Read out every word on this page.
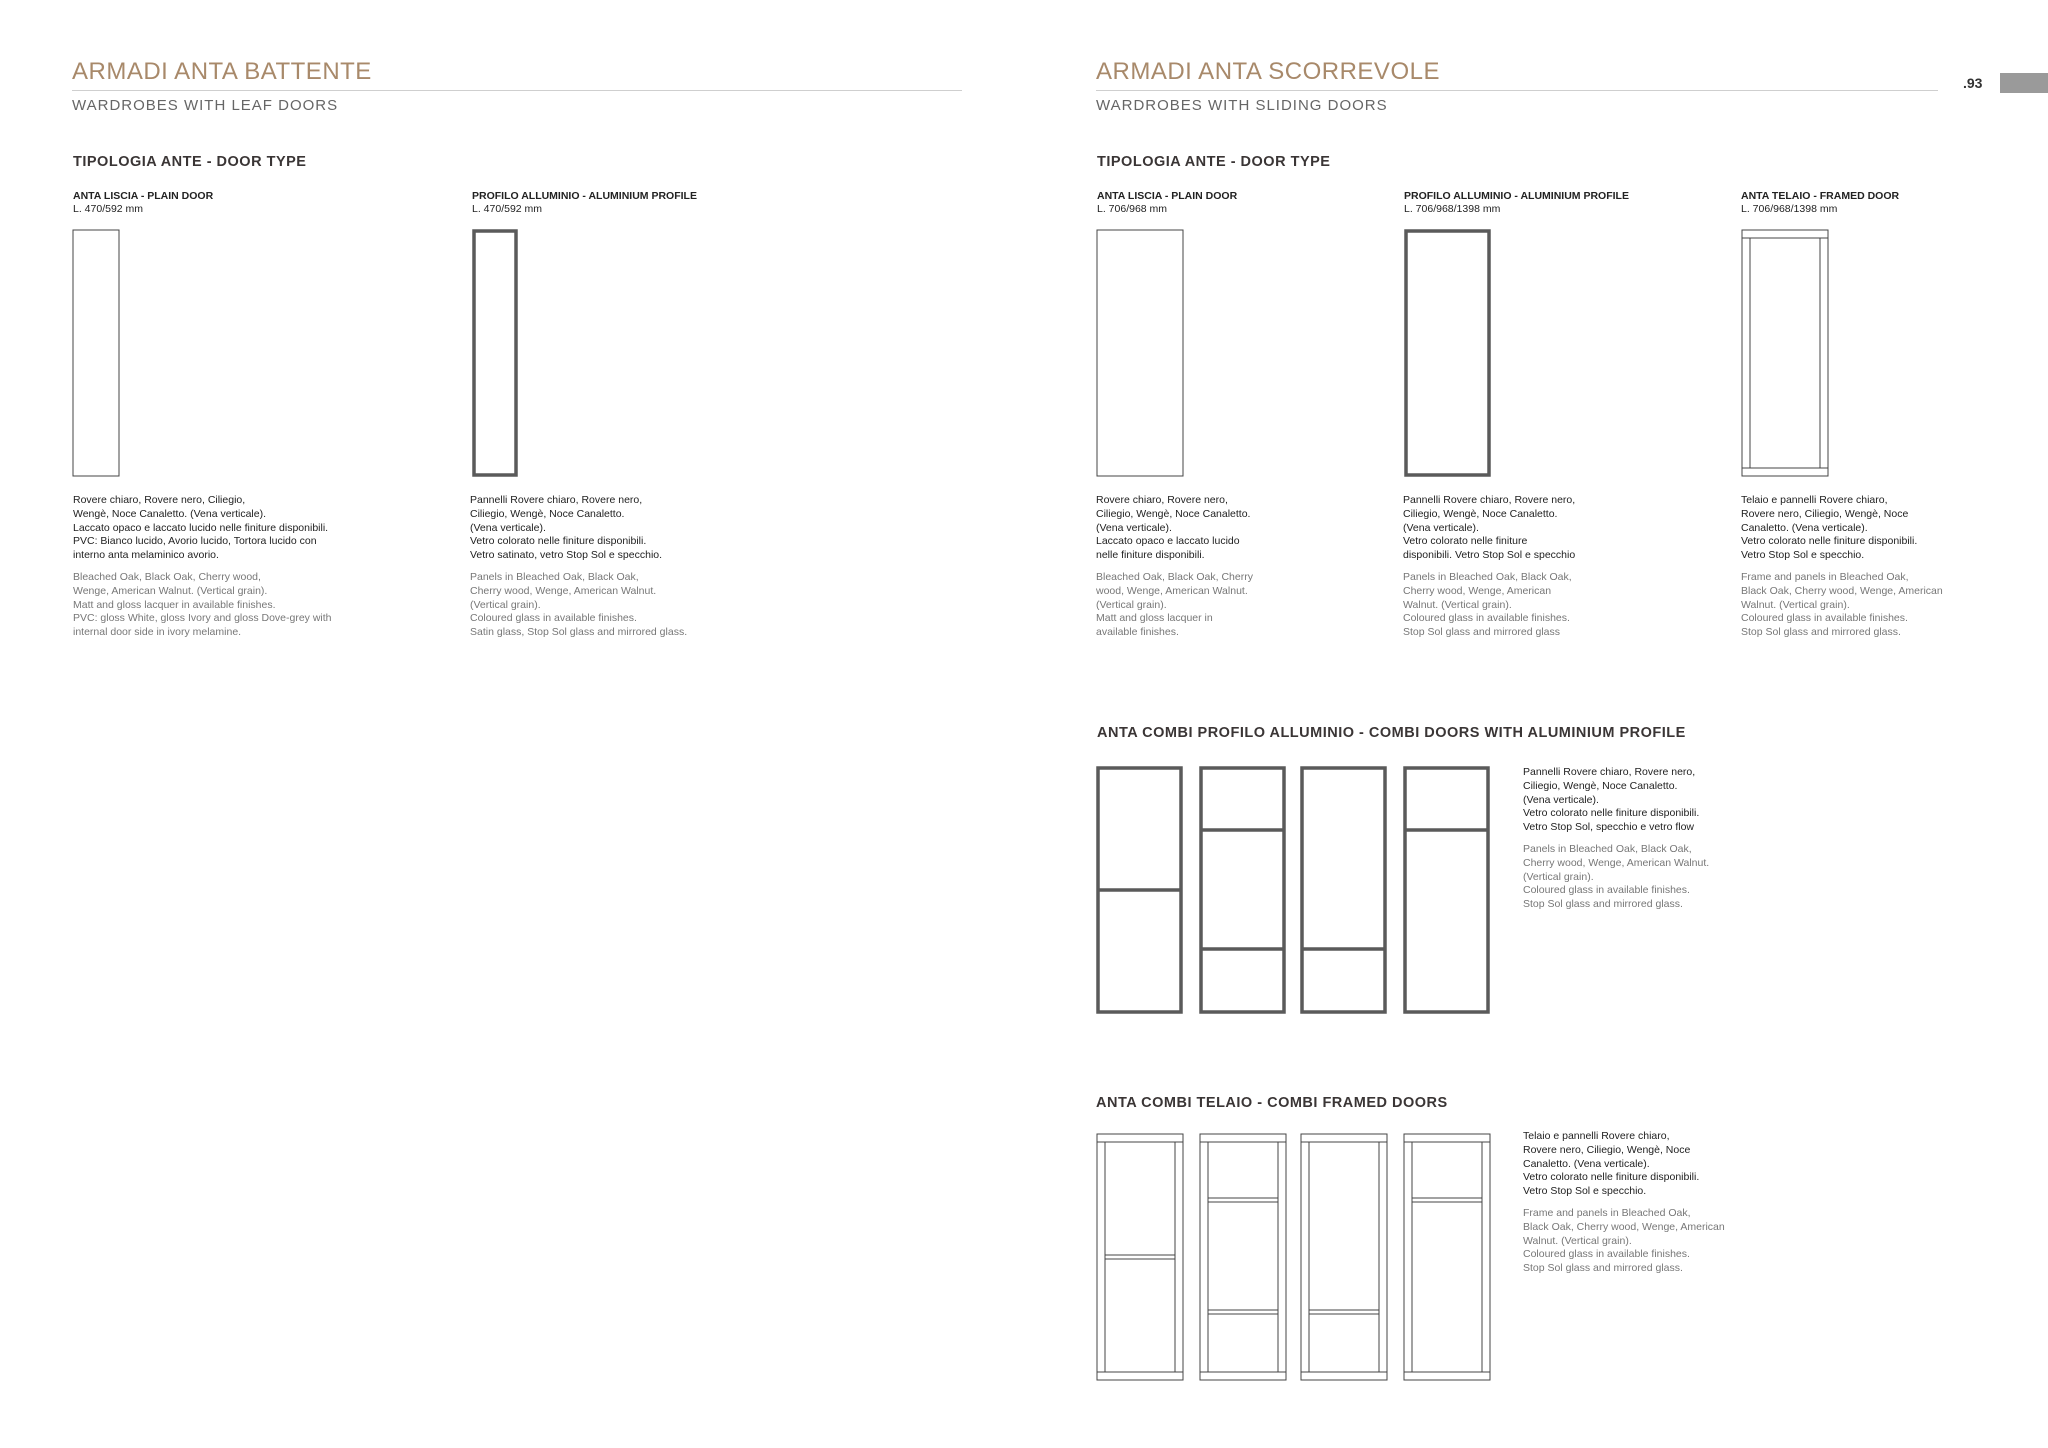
ARMADI ANTA BATTENTE
WARDROBES WITH LEAF DOORS
TIPOLOGIA ANTE - DOOR TYPE
ANTA LISCIA - PLAIN DOOR
L. 470/592 mm
Rovere chiaro, Rovere nero, Ciliegio,
Wengè, Noce Canaletto. (Vena verticale).
Laccato opaco e laccato lucido nelle finiture disponibili.
PVC: Bianco lucido, Avorio lucido, Tortora lucido con
interno anta melaminico avorio.
Bleached Oak, Black Oak, Cherry wood,
Wenge, American Walnut. (Vertical grain).
Matt and gloss lacquer in available finishes.
PVC: gloss White, gloss Ivory and gloss Dove-grey with
internal door side in ivory melamine.
PROFILO ALLUMINIO - ALUMINIUM PROFILE
L. 470/592 mm
Pannelli Rovere chiaro, Rovere nero,
Ciliegio, Wengè, Noce Canaletto.
(Vena verticale).
Vetro colorato nelle finiture disponibili.
Vetro satinato, vetro Stop Sol e specchio.
Panels in Bleached Oak, Black Oak,
Cherry wood, Wenge, American Walnut.
(Vertical grain).
Coloured glass in available finishes.
Satin glass, Stop Sol glass and mirrored glass.
ARMADI ANTA SCORREVOLE
WARDROBES WITH SLIDING DOORS
.93
TIPOLOGIA ANTE - DOOR TYPE
ANTA LISCIA - PLAIN DOOR
L. 706/968 mm
Rovere chiaro, Rovere nero,
Ciliegio, Wengè, Noce Canaletto.
(Vena verticale).
Laccato opaco e laccato lucido
nelle finiture disponibili.
Bleached Oak, Black Oak, Cherry
wood, Wenge, American Walnut.
(Vertical grain).
Matt and gloss lacquer in
available finishes.
PROFILO ALLUMINIO - ALUMINIUM PROFILE
L. 706/968/1398 mm
Pannelli Rovere chiaro, Rovere nero,
Ciliegio, Wengè, Noce Canaletto.
(Vena verticale).
Vetro colorato nelle finiture
disponibili. Vetro Stop Sol e specchio
Panels in Bleached Oak, Black Oak,
Cherry wood, Wenge, American
Walnut. (Vertical grain).
Coloured glass in available finishes.
Stop Sol glass and mirrored glass
ANTA TELAIO - FRAMED DOOR
L. 706/968/1398 mm
Telaio e pannelli Rovere chiaro,
Rovere nero, Ciliegio, Wengè, Noce
Canaletto. (Vena verticale).
Vetro colorato nelle finiture disponibili.
Vetro Stop Sol e specchio.
Frame and panels in Bleached Oak,
Black Oak, Cherry wood, Wenge, American
Walnut. (Vertical grain).
Coloured glass in available finishes.
Stop Sol glass and mirrored glass.
ANTA COMBI PROFILO ALLUMINIO - COMBI DOORS WITH ALUMINIUM PROFILE
Pannelli Rovere chiaro, Rovere nero,
Ciliegio, Wengè, Noce Canaletto.
(Vena verticale).
Vetro colorato nelle finiture disponibili.
Vetro Stop Sol, specchio e vetro flow
Panels in Bleached Oak, Black Oak,
Cherry wood, Wenge, American Walnut.
(Vertical grain).
Coloured glass in available finishes.
Stop Sol glass and mirrored glass.
ANTA COMBI TELAIO - COMBI FRAMED DOORS
Telaio e pannelli Rovere chiaro,
Rovere nero, Ciliegio, Wengè, Noce
Canaletto. (Vena verticale).
Vetro colorato nelle finiture disponibili.
Vetro Stop Sol e specchio.
Frame and panels in Bleached Oak,
Black Oak, Cherry wood, Wenge, American
Walnut. (Vertical grain).
Coloured glass in available finishes.
Stop Sol glass and mirrored glass.
